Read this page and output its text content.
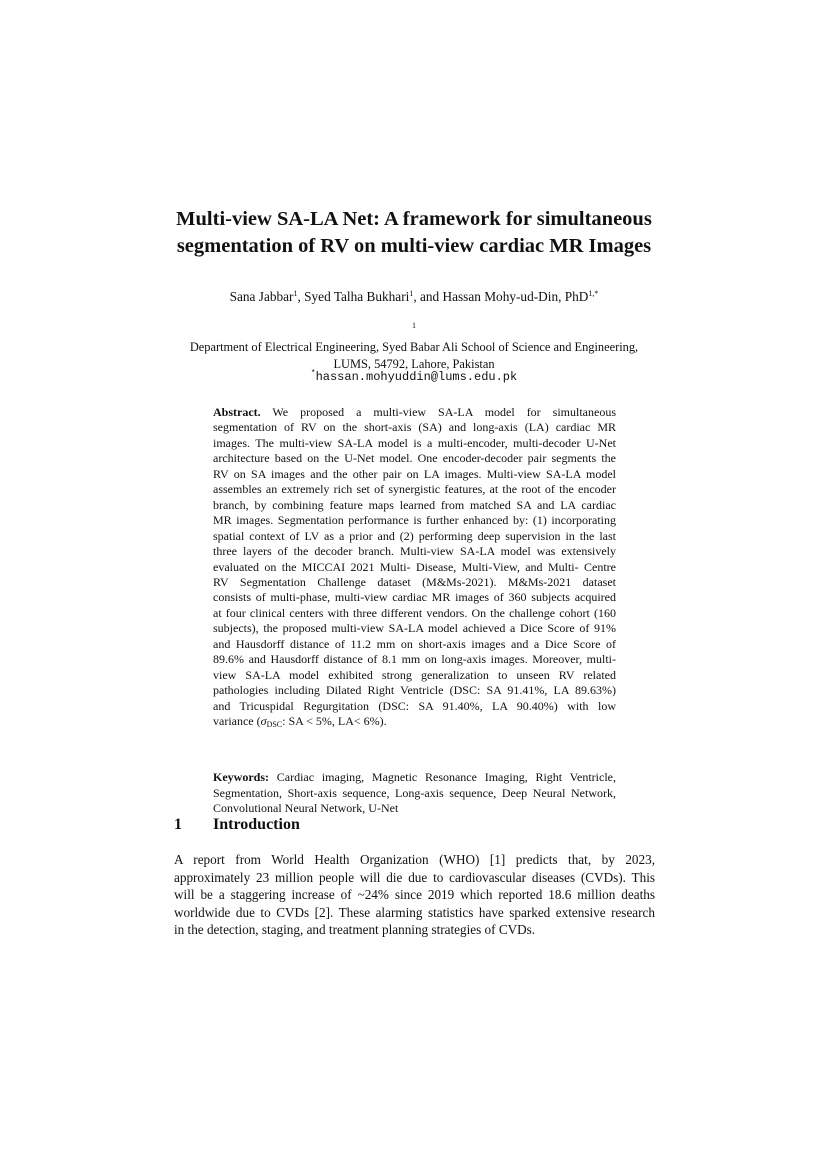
Multi-view SA-LA Net: A framework for simultaneous
segmentation of RV on multi-view cardiac MR Images
Sana Jabbar$^1$, Syed Talha Bukhari$^1$, and Hassan Mohy-ud-Din, PhD$^{1,*}$
$^1$
Department of Electrical Engineering, Syed Babar Ali School of Science and Engineering,
LUMS, 54792, Lahore, Pakistan
*hassan.mohyuddin@lums.edu.pk
Abstract. We proposed a multi-view SA-LA model for simultaneous
segmentation of RV on the short-axis (SA) and long-axis (LA) cardiac MR
images. The multi-view SA-LA model is a multi-encoder, multi-decoder U-Net
architecture based on the U-Net model. One encoder-decoder pair segments the
RV on SA images and the other pair on LA images. Multi-view SA-LA model
assembles an extremely rich set of synergistic features, at the root of the encoder
branch, by combining feature maps learned from matched SA and LA cardiac
MR images. Segmentation performance is further enhanced by: (1) incorporating
spatial context of LV as a prior and (2) performing deep supervision in the last
three layers of the decoder branch. Multi-view SA-LA model was extensively
evaluated on the MICCAI 2021 Multi- Disease, Multi-View, and Multi- Centre
RV Segmentation Challenge dataset (M&Ms-2021). M&Ms-2021 dataset
consists of multi-phase, multi-view cardiac MR images of 360 subjects acquired
at four clinical centers with three different vendors. On the challenge cohort (160
subjects), the proposed multi-view SA-LA model achieved a Dice Score of 91%
and Hausdorff distance of 11.2 mm on short-axis images and a Dice Score of
89.6% and Hausdorff distance of 8.1 mm on long-axis images. Moreover, multi-
view SA-LA model exhibited strong generalization to unseen RV related
pathologies including Dilated Right Ventricle (DSC: SA 91.41%, LA 89.63%)
and Tricuspidal Regurgitation (DSC: SA 91.40%, LA 90.40%) with low
variance ($\sigma_{DSC}$: SA < 5%, LA< 6%).
Keywords: Cardiac imaging, Magnetic Resonance Imaging, Right Ventricle,
Segmentation, Short-axis sequence, Long-axis sequence, Deep Neural Network,
Convolutional Neural Network, U-Net
1 Introduction
A report from World Health Organization (WHO) [1] predicts that, by 2023,
approximately 23 million people will die due to cardiovascular diseases (CVDs). This
will be a staggering increase of ~24% since 2019 which reported 18.6 million deaths
worldwide due to CVDs [2]. These alarming statistics have sparked extensive research
in the detection, staging, and treatment planning strategies of CVDs.
